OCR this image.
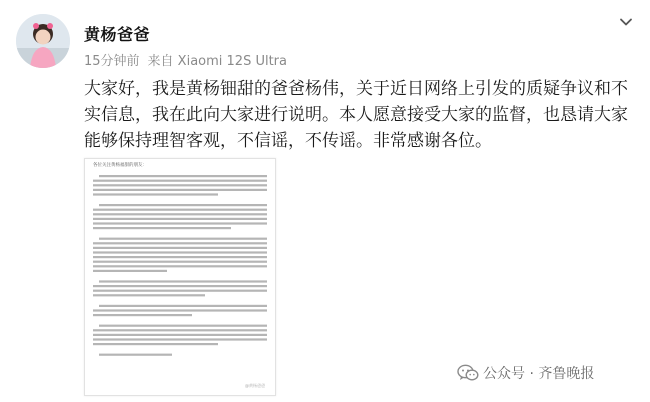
黄杨爸爸
15分钟前 来自 Xiaomi 12S Ultra

大家好，我是黄杨钿甜的爸爸杨伟，关于近日网络上引发的质疑争议和不实信息，我在此向大家进行说明。本人愿意接受大家的监督，也恳请大家能够保持理智客观，不信谣，不传谣。非常感谢各位。

各位关注黄杨福甜的朋友：
@黄杨爸爸
公众号 · 齐鲁晚报
